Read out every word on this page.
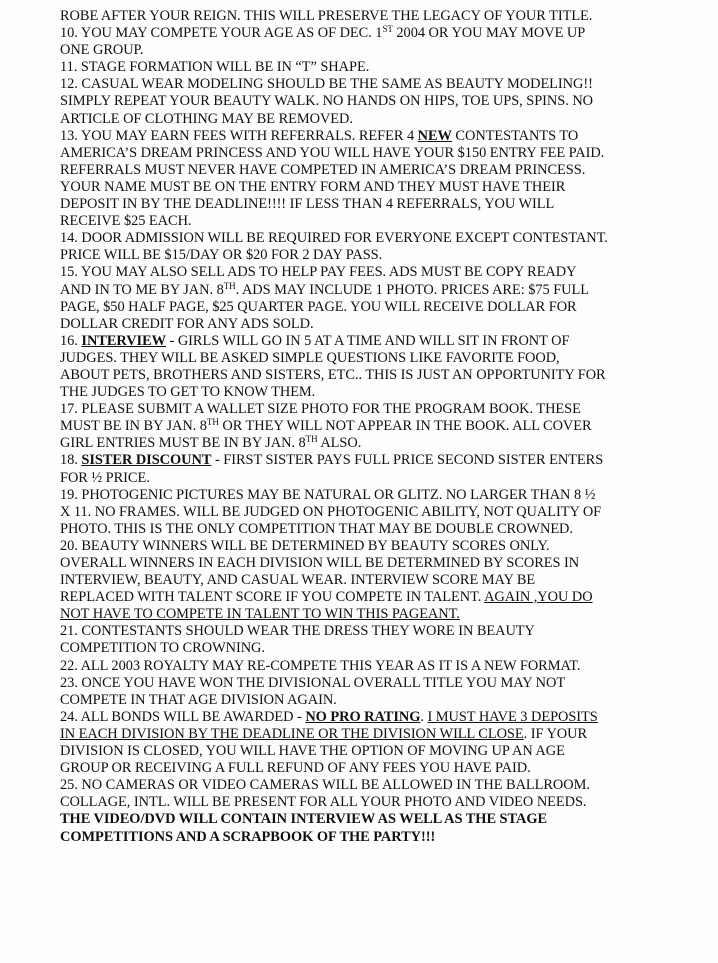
ROBE AFTER YOUR REIGN. THIS WILL PRESERVE THE LEGACY OF YOUR TITLE.
10. YOU MAY COMPETE YOUR AGE AS OF DEC. 1ST 2004 OR YOU MAY MOVE UP
ONE GROUP.
11. STAGE FORMATION WILL BE IN “T” SHAPE.
12. CASUAL WEAR MODELING SHOULD BE THE SAME AS BEAUTY MODELING!!
SIMPLY REPEAT YOUR BEAUTY WALK. NO HANDS ON HIPS, TOE UPS, SPINS. NO
ARTICLE OF CLOTHING MAY BE REMOVED.
13. YOU MAY EARN FEES WITH REFERRALS. REFER 4 NEW CONTESTANTS TO
AMERICA’S DREAM PRINCESS AND YOU WILL HAVE YOUR $150 ENTRY FEE PAID.
REFERRALS MUST NEVER HAVE COMPETED IN AMERICA’S DREAM PRINCESS.
YOUR NAME MUST BE ON THE ENTRY FORM AND THEY MUST HAVE THEIR
DEPOSIT IN BY THE DEADLINE!!!! IF LESS THAN 4 REFERRALS, YOU WILL
RECEIVE $25 EACH.
14. DOOR ADMISSION WILL BE REQUIRED FOR EVERYONE EXCEPT CONTESTANT.
PRICE WILL BE $15/DAY OR $20 FOR 2 DAY PASS.
15. YOU MAY ALSO SELL ADS TO HELP PAY FEES. ADS MUST BE COPY READY
AND IN TO ME BY JAN. 8TH. ADS MAY INCLUDE 1 PHOTO. PRICES ARE: $75 FULL
PAGE, $50 HALF PAGE, $25 QUARTER PAGE. YOU WILL RECEIVE DOLLAR FOR
DOLLAR CREDIT FOR ANY ADS SOLD.
16. INTERVIEW - GIRLS WILL GO IN 5 AT A TIME AND WILL SIT IN FRONT OF
JUDGES. THEY WILL BE ASKED SIMPLE QUESTIONS LIKE FAVORITE FOOD,
ABOUT PETS, BROTHERS AND SISTERS, ETC.. THIS IS JUST AN OPPORTUNITY FOR
THE JUDGES TO GET TO KNOW THEM.
17. PLEASE SUBMIT A WALLET SIZE PHOTO FOR THE PROGRAM BOOK. THESE
MUST BE IN BY JAN. 8TH OR THEY WILL NOT APPEAR IN THE BOOK. ALL COVER
GIRL ENTRIES MUST BE IN BY JAN. 8TH ALSO.
18. SISTER DISCOUNT - FIRST SISTER PAYS FULL PRICE SECOND SISTER ENTERS
FOR ½ PRICE.
19. PHOTOGENIC PICTURES MAY BE NATURAL OR GLITZ. NO LARGER THAN 8 ½
X 11. NO FRAMES. WILL BE JUDGED ON PHOTOGENIC ABILITY, NOT QUALITY OF
PHOTO. THIS IS THE ONLY COMPETITION THAT MAY BE DOUBLE CROWNED.
20. BEAUTY WINNERS WILL BE DETERMINED BY BEAUTY SCORES ONLY.
OVERALL WINNERS IN EACH DIVISION WILL BE DETERMINED BY SCORES IN
INTERVIEW, BEAUTY, AND CASUAL WEAR. INTERVIEW SCORE MAY BE
REPLACED WITH TALENT SCORE IF YOU COMPETE IN TALENT. AGAIN ,YOU DO
NOT HAVE TO COMPETE IN TALENT TO WIN THIS PAGEANT.
21. CONTESTANTS SHOULD WEAR THE DRESS THEY WORE IN BEAUTY
COMPETITION TO CROWNING.
22. ALL 2003 ROYALTY MAY RE-COMPETE THIS YEAR AS IT IS A NEW FORMAT.
23. ONCE YOU HAVE WON THE DIVISIONAL OVERALL TITLE YOU MAY NOT
COMPETE IN THAT AGE DIVISION AGAIN.
24. ALL BONDS WILL BE AWARDED - NO PRO RATING. I MUST HAVE 3 DEPOSITS
IN EACH DIVISION BY THE DEADLINE OR THE DIVISION WILL CLOSE. IF YOUR
DIVISION IS CLOSED, YOU WILL HAVE THE OPTION OF MOVING UP AN AGE
GROUP OR RECEIVING A FULL REFUND OF ANY FEES YOU HAVE PAID.
25. NO CAMERAS OR VIDEO CAMERAS WILL BE ALLOWED IN THE BALLROOM.
COLLAGE, INTL. WILL BE PRESENT FOR ALL YOUR PHOTO AND VIDEO NEEDS.
THE VIDEO/DVD WILL CONTAIN INTERVIEW AS WELL AS THE STAGE
COMPETITIONS AND A SCRAPBOOK OF THE PARTY!!!
